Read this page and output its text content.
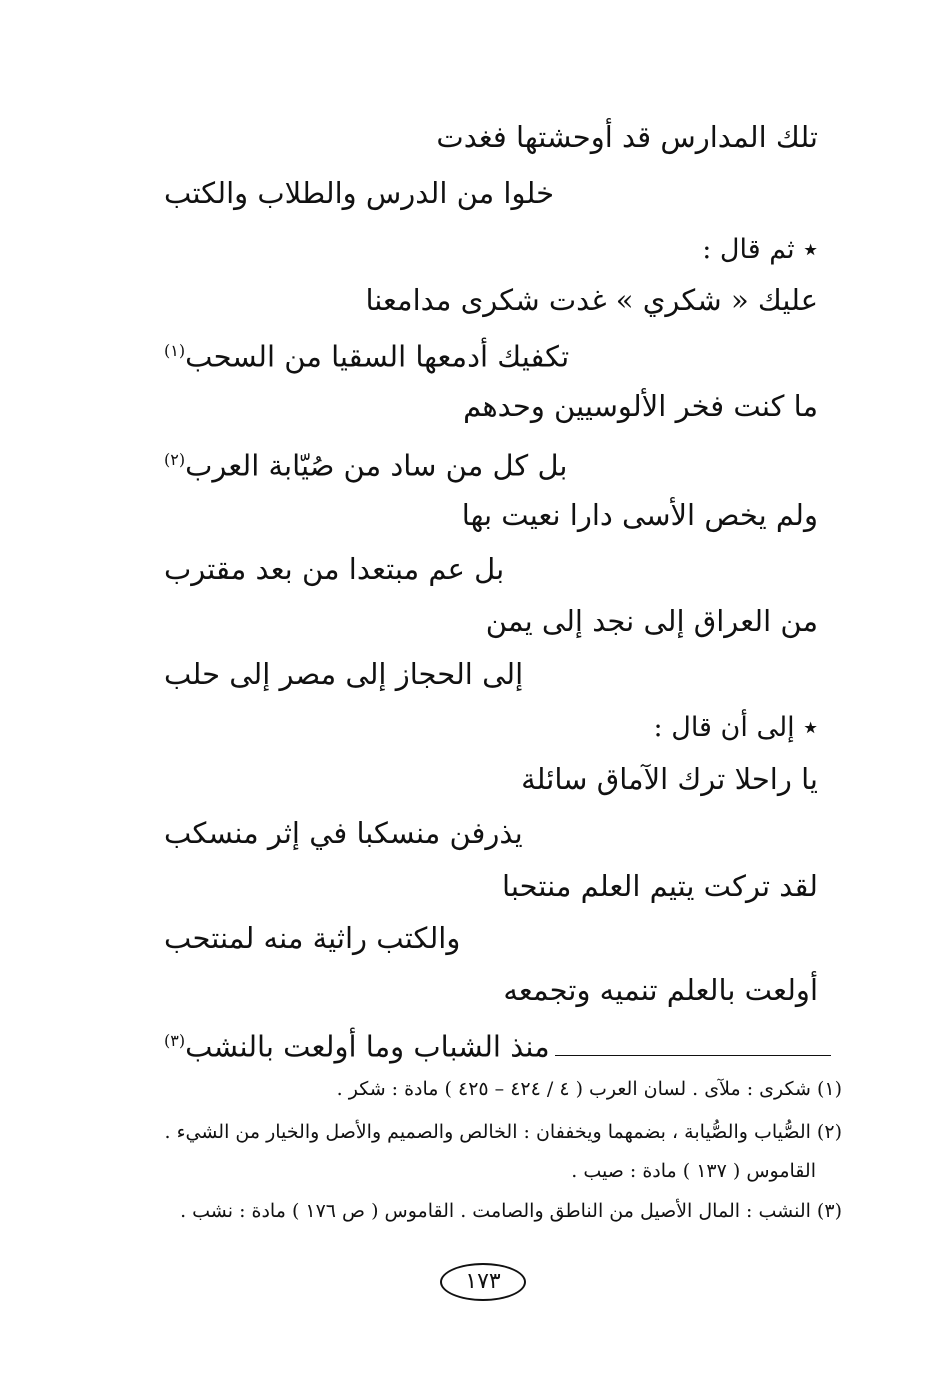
تلك المدارس قد أوحشتها فغدت
خلوا من الدرس والطلاب والكتب
٭ ثم قال :
عليك « شكري » غدت شكرى مدامعنا
تكفيك أدمعها السقيا من السحب$^{(١)}$
ما كنت فخر الألوسيين وحدهم
بل كل من ساد من صُيّابة العرب$^{(٢)}$
ولم يخص الأسى دارا نعيت بها
بل عم مبتعدا من بعد مقترب
من العراق إلى نجد إلى يمن
إلى الحجاز إلى مصر إلى حلب
٭ إلى أن قال :
يا راحلا ترك الآماق سائلة
يذرفن منسكبا في إثر منسكب
لقد تركت يتيم العلم منتحبا
والكتب راثية منه لمنتحب
أولعت بالعلم تنميه وتجمعه
منذ الشباب وما أولعت بالنشب$^{(٣)}$
(١) شكرى : ملآى . لسان العرب ( ٤ / ٤٢٤ – ٤٢٥ ) مادة : شكر .
(٢) الصُّياب والصُّيابة ، بضمهما ويخففان : الخالص والصميم والأصل والخيار من الشيء .
القاموس ( ١٣٧ ) مادة : صيب .
(٣) النشب : المال الأصيل من الناطق والصامت . القاموس ( ص ١٧٦ ) مادة : نشب .
١٧٣
